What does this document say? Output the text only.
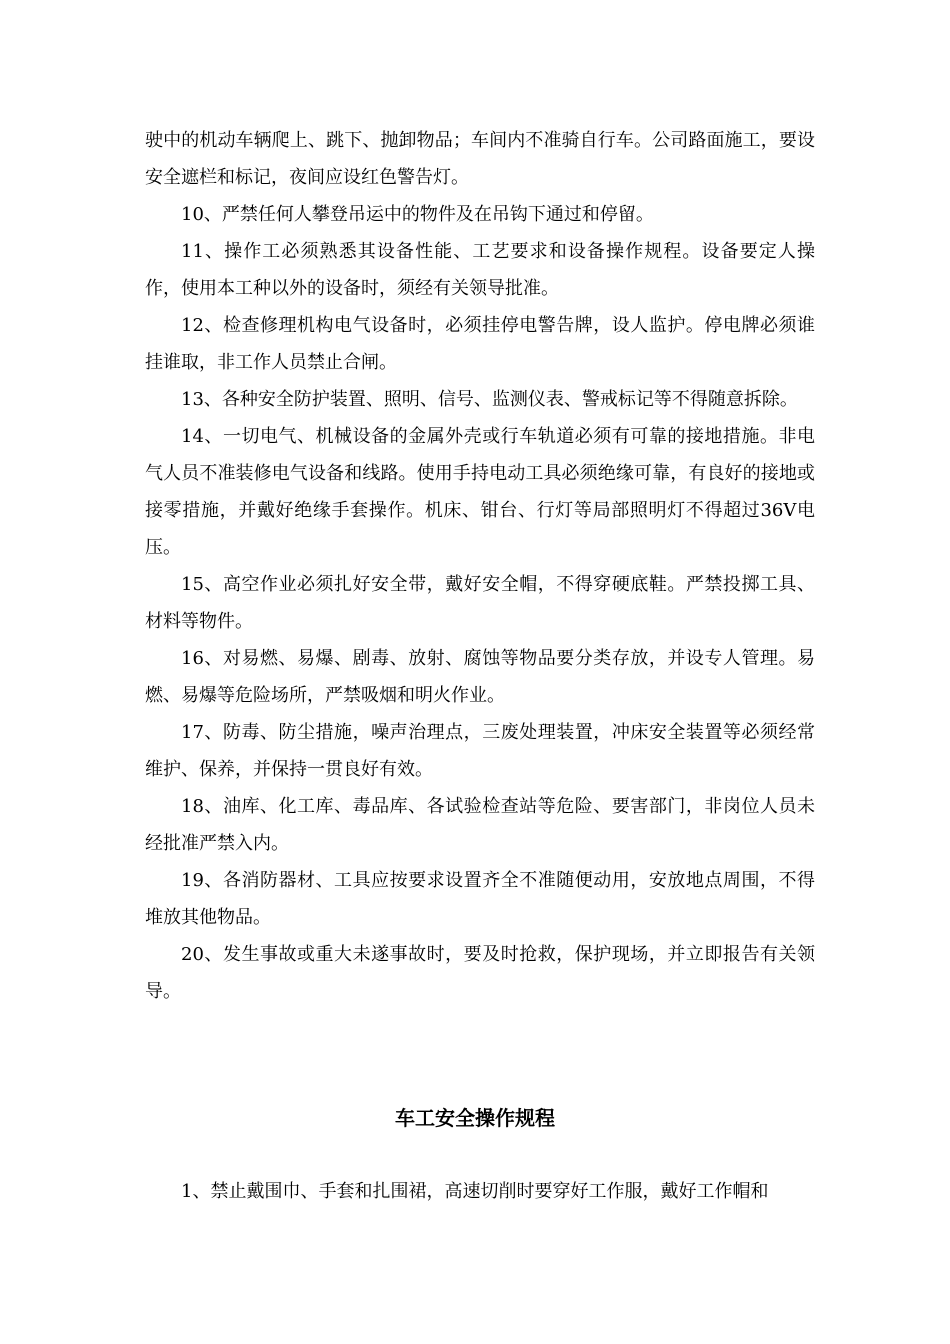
驶中的机动车辆爬上、跳下、抛卸物品；车间内不准骑自行车。公司路面施工，要设安全遮栏和标记，夜间应设红色警告灯。

10、严禁任何人攀登吊运中的物件及在吊钩下通过和停留。

11、操作工必须熟悉其设备性能、工艺要求和设备操作规程。设备要定人操作，使用本工种以外的设备时，须经有关领导批准。

12、检查修理机构电气设备时，必须挂停电警告牌，设人监护。停电牌必须谁挂谁取，非工作人员禁止合闸。

13、各种安全防护装置、照明、信号、监测仪表、警戒标记等不得随意拆除。

14、一切电气、机械设备的金属外壳或行车轨道必须有可靠的接地措施。非电气人员不准装修电气设备和线路。使用手持电动工具必须绝缘可靠，有良好的接地或接零措施，并戴好绝缘手套操作。机床、钳台、行灯等局部照明灯不得超过36V电压。

15、高空作业必须扎好安全带，戴好安全帽，不得穿硬底鞋。严禁投掷工具、材料等物件。

16、对易燃、易爆、剧毒、放射、腐蚀等物品要分类存放，并设专人管理。易燃、易爆等危险场所，严禁吸烟和明火作业。

17、防毒、防尘措施，噪声治理点，三废处理装置，冲床安全装置等必须经常维护、保养，并保持一贯良好有效。

18、油库、化工库、毒品库、各试验检查站等危险、要害部门，非岗位人员未经批准严禁入内。

19、各消防器材、工具应按要求设置齐全不准随便动用，安放地点周围，不得堆放其他物品。

20、发生事故或重大未遂事故时，要及时抢救，保护现场，并立即报告有关领导。

车工安全操作规程

1、禁止戴围巾、手套和扎围裙，高速切削时要穿好工作服，戴好工作帽和
